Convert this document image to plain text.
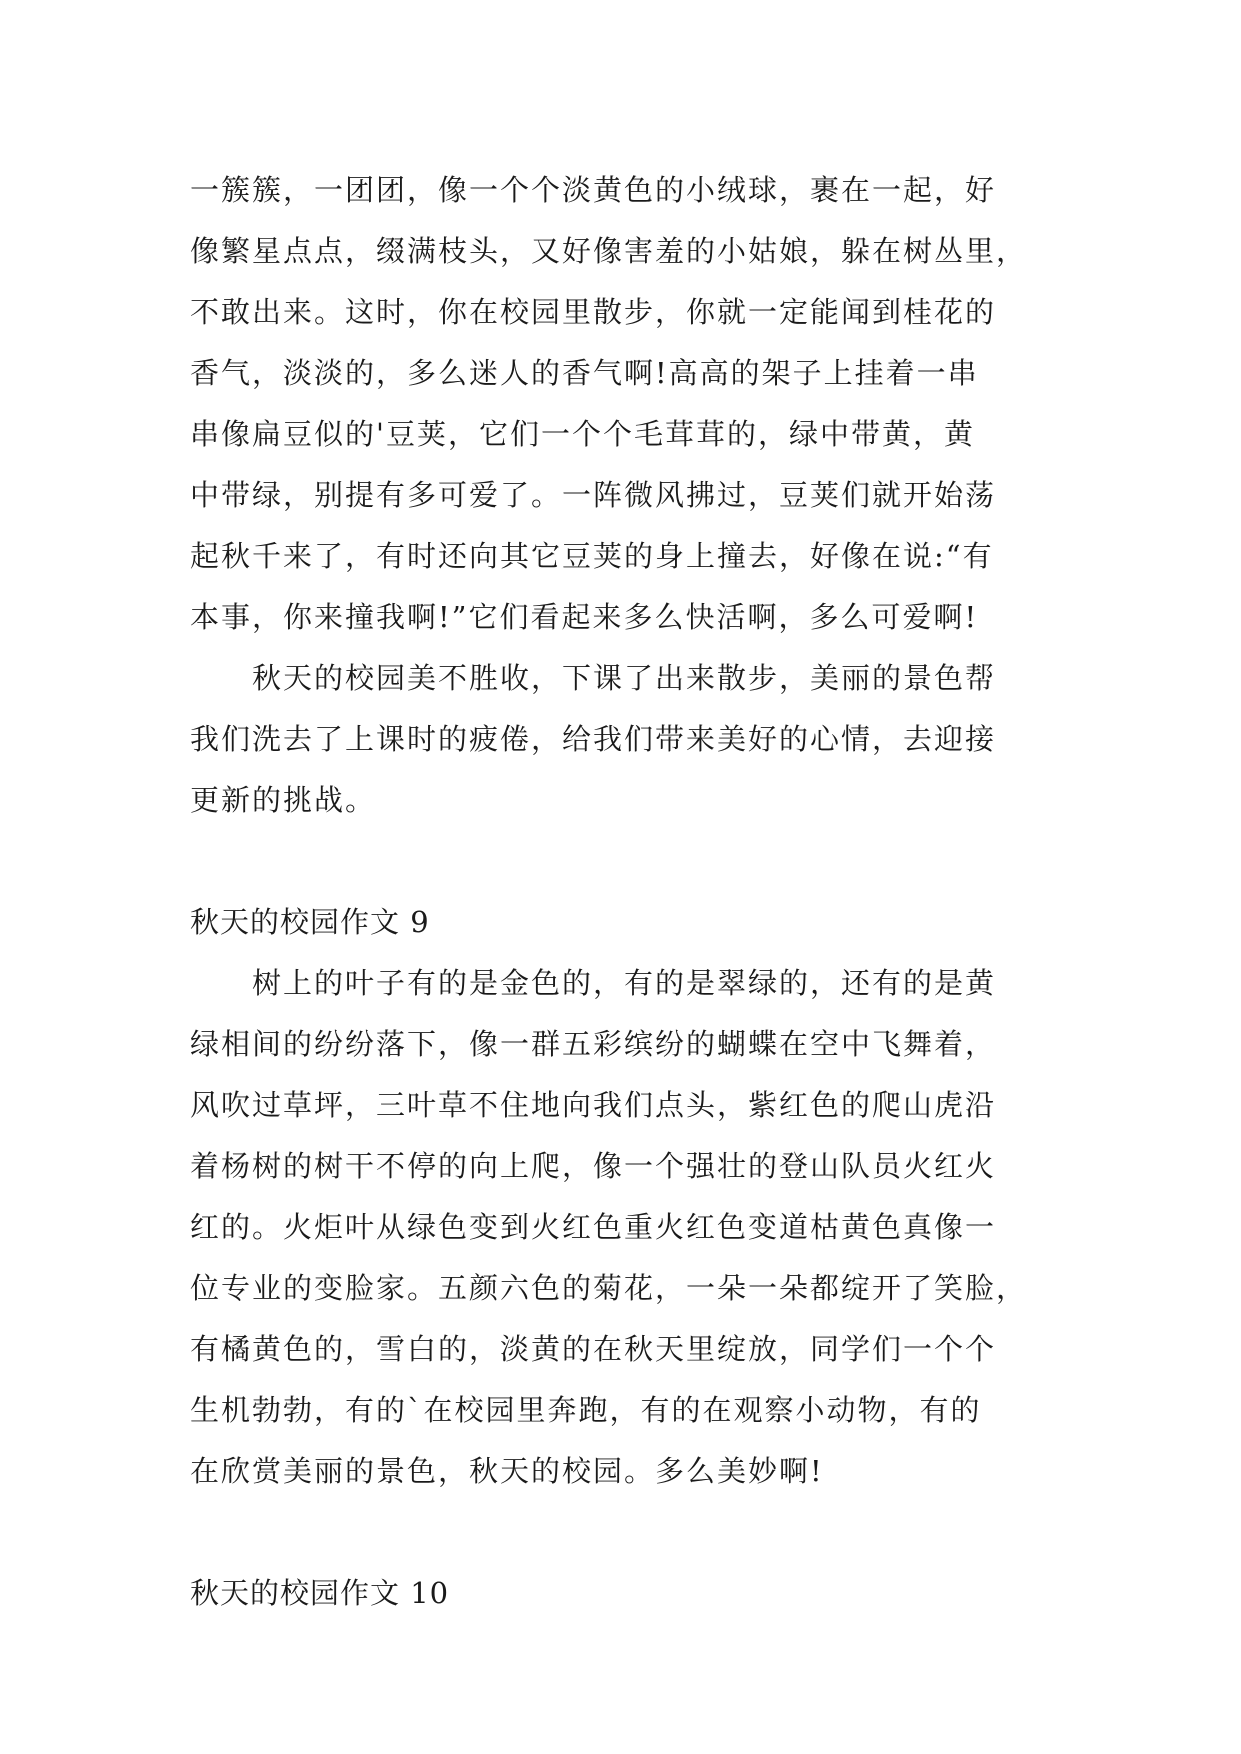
一簇簇，一团团，像一个个淡黄色的小绒球，裹在一起，好
像繁星点点，缀满枝头，又好像害羞的小姑娘，躲在树丛里，
不敢出来。这时，你在校园里散步，你就一定能闻到桂花的
香气，淡淡的，多么迷人的香气啊!高高的架子上挂着一串
串像扁豆似的'豆荚，它们一个个毛茸茸的，绿中带黄，黄
中带绿，别提有多可爱了。一阵微风拂过，豆荚们就开始荡
起秋千来了，有时还向其它豆荚的身上撞去，好像在说:“有
本事，你来撞我啊!”它们看起来多么快活啊，多么可爱啊!
　　秋天的校园美不胜收，下课了出来散步，美丽的景色帮
我们洗去了上课时的疲倦，给我们带来美好的心情，去迎接
更新的挑战。
秋天的校园作文 9
　　树上的叶子有的是金色的，有的是翠绿的，还有的是黄
绿相间的纷纷落下，像一群五彩缤纷的蝴蝶在空中飞舞着，
风吹过草坪，三叶草不住地向我们点头，紫红色的爬山虎沿
着杨树的树干不停的向上爬，像一个强壮的登山队员火红火
红的。火炬叶从绿色变到火红色重火红色变道枯黄色真像一
位专业的变脸家。五颜六色的菊花，一朵一朵都绽开了笑脸，
有橘黄色的，雪白的，淡黄的在秋天里绽放，同学们一个个
生机勃勃，有的`在校园里奔跑，有的在观察小动物，有的
在欣赏美丽的景色，秋天的校园。多么美妙啊!
秋天的校园作文 10
